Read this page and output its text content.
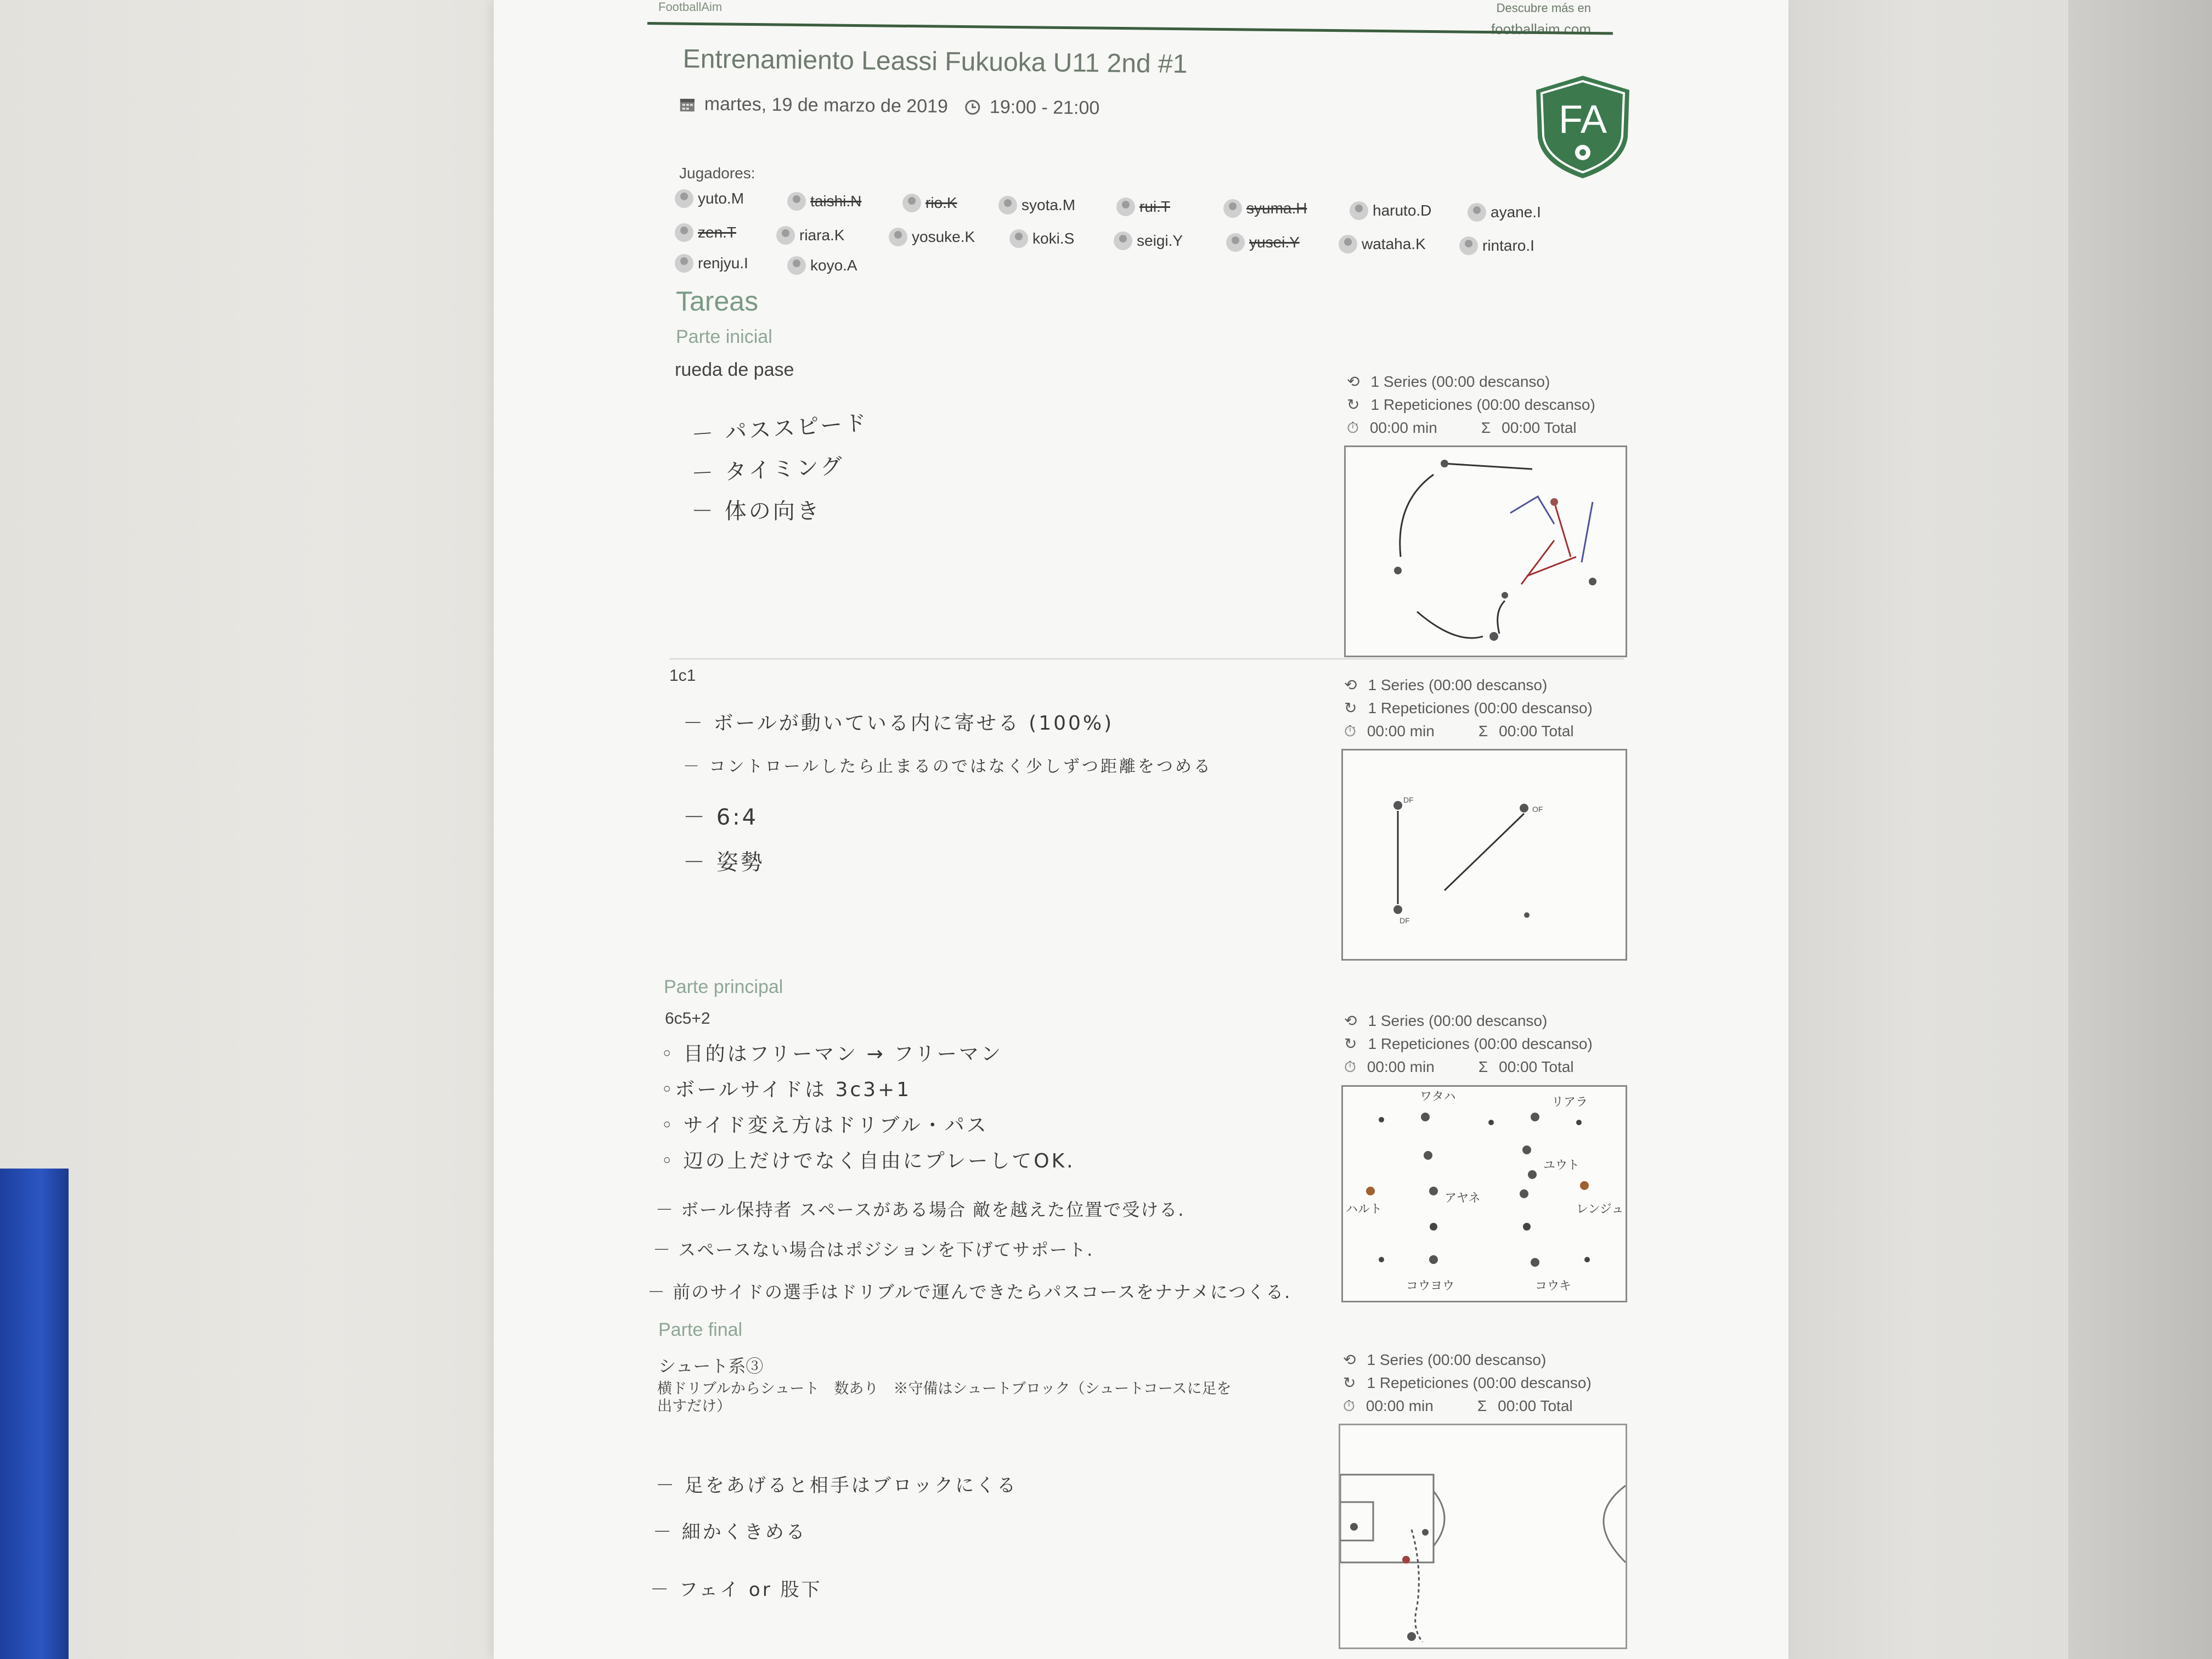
FootballAim	Descubre más en
footballaim.com
Entrenamiento Leassi Fukuoka U11 2nd #1
martes, 19 de marzo de 2019 19:00 - 21:00	FA
Jugadores:
yuto.M	taishi.N	rio.K	syota.M	rui.T	syuma.H	haruto.D	ayane.I
zen.T	riara.K	yosuke.K	koki.S	seigi.Y	yusei.Y	wataha.K	rintaro.I
renjyu.I	koyo.A
Tareas
Parte inicial
rueda de pase
－ パススピード
－ タイミング
－ 体の向き
⟲ 1 Series (00:00 descanso)
↻ 1 Repeticiones (00:00 descanso)
⏱ 00:00 min	Σ 00:00 Total
1c1
－ ボールが動いている内に寄せる (100%)
－ コントロールしたら止まるのではなく少しずつ距離をつめる
－ 6:4
－ 姿勢
⟲ 1 Series (00:00 descanso)
↻ 1 Repeticiones (00:00 descanso)
⏱ 00:00 min	Σ 00:00 Total
DF
OF
DF
Parte principal
6c5+2
◦ 目的はフリーマン → フリーマン
◦ボールサイドは 3c3+1
◦ サイド変え方はドリブル・パス
◦ 辺の上だけでなく自由にプレーしてOK.
－ ボール保持者 スペースがある場合 敵を越えた位置で受ける.
－ スペースない場合はポジションを下げてサポート.
－ 前のサイドの選手はドリブルで運んできたらパスコースをナナメにつくる.
⟲ 1 Series (00:00 descanso)
↻ 1 Repeticiones (00:00 descanso)
⏱ 00:00 min	Σ 00:00 Total
ワタハ	リアラ
ユウト
ハルト
アヤネ
レンジュ
コウヨウ	コウキ
Parte final
シュート系③
横ドリブルからシュート　数あり　※守備はシュートブロック（シュートコースに足を出すだけ）
－ 足をあげると相手はブロックにくる
－ 細かくきめる
－ フェイ or 股下
⟲ 1 Series (00:00 descanso)
↻ 1 Repeticiones (00:00 descanso)
⏱ 00:00 min	Σ 00:00 Total
